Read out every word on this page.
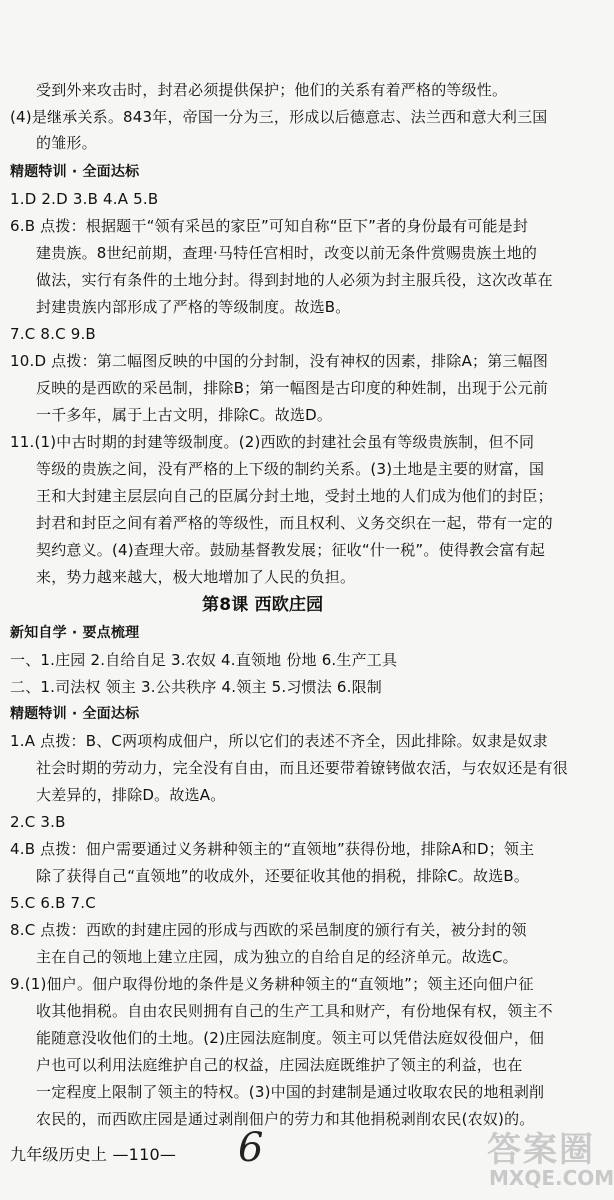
受到外来攻击时，封君必须提供保护；他们的关系有着严格的等级性。
(4)是继承关系。843年，帝国一分为三，形成以后德意志、法兰西和意大利三国
的雏形。
精题特训 · 全面达标
1.D 2.D 3.B 4.A 5.B
6.B 点拨：根据题干“领有采邑的家臣”可知自称“臣下”者的身份最有可能是封
建贵族。8世纪前期，查理·马特任宫相时，改变以前无条件赏赐贵族土地的
做法，实行有条件的土地分封。得到封地的人必须为封主服兵役，这次改革在
封建贵族内部形成了严格的等级制度。故选B。
7.C 8.C 9.B
10.D 点拨：第二幅图反映的中国的分封制，没有神权的因素，排除A；第三幅图
反映的是西欧的采邑制，排除B；第一幅图是古印度的种姓制，出现于公元前
一千多年，属于上古文明，排除C。故选D。
11.(1)中古时期的封建等级制度。(2)西欧的封建社会虽有等级贵族制，但不同
等级的贵族之间，没有严格的上下级的制约关系。(3)土地是主要的财富，国
王和大封建主层层向自己的臣属分封土地，受封土地的人们成为他们的封臣；
封君和封臣之间有着严格的等级性，而且权利、义务交织在一起，带有一定的
契约意义。(4)查理大帝。鼓励基督教发展；征收“什一税”。使得教会富有起
来，势力越来越大，极大地增加了人民的负担。
第8课 西欧庄园
新知自学 · 要点梳理
一、1.庄园 2.自给自足 3.农奴 4.直领地 份地 6.生产工具
二、1.司法权 领主 3.公共秩序 4.领主 5.习惯法 6.限制
精题特训 · 全面达标
1.A 点拨：B、C两项构成佃户，所以它们的表述不齐全，因此排除。奴隶是奴隶
社会时期的劳动力，完全没有自由，而且还要带着镣铐做农活，与农奴还是有很
大差异的，排除D。故选A。
2.C 3.B
4.B 点拨：佃户需要通过义务耕种领主的“直领地”获得份地，排除A和D；领主
除了获得自己“直领地”的收成外，还要征收其他的捐税，排除C。故选B。
5.C 6.B 7.C
8.C 点拨：西欧的封建庄园的形成与西欧的采邑制度的颁行有关，被分封的领
主在自己的领地上建立庄园，成为独立的自给自足的经济单元。故选C。
9.(1)佃户。佃户取得份地的条件是义务耕种领主的“直领地”；领主还向佃户征
收其他捐税。自由农民则拥有自己的生产工具和财产，有份地保有权，领主不
能随意没收他们的土地。(2)庄园法庭制度。领主可以凭借法庭奴役佃户，佃
户也可以利用法庭维护自己的权益，庄园法庭既维护了领主的利益，也在
一定程度上限制了领主的特权。(3)中国的封建制是通过收取农民的地租剥削
农民的，而西欧庄园是通过剥削佃户的劳力和其他捐税剥削农民(农奴)的。
九年级历史上 —110— 6	答案圈
MXQE.COM
